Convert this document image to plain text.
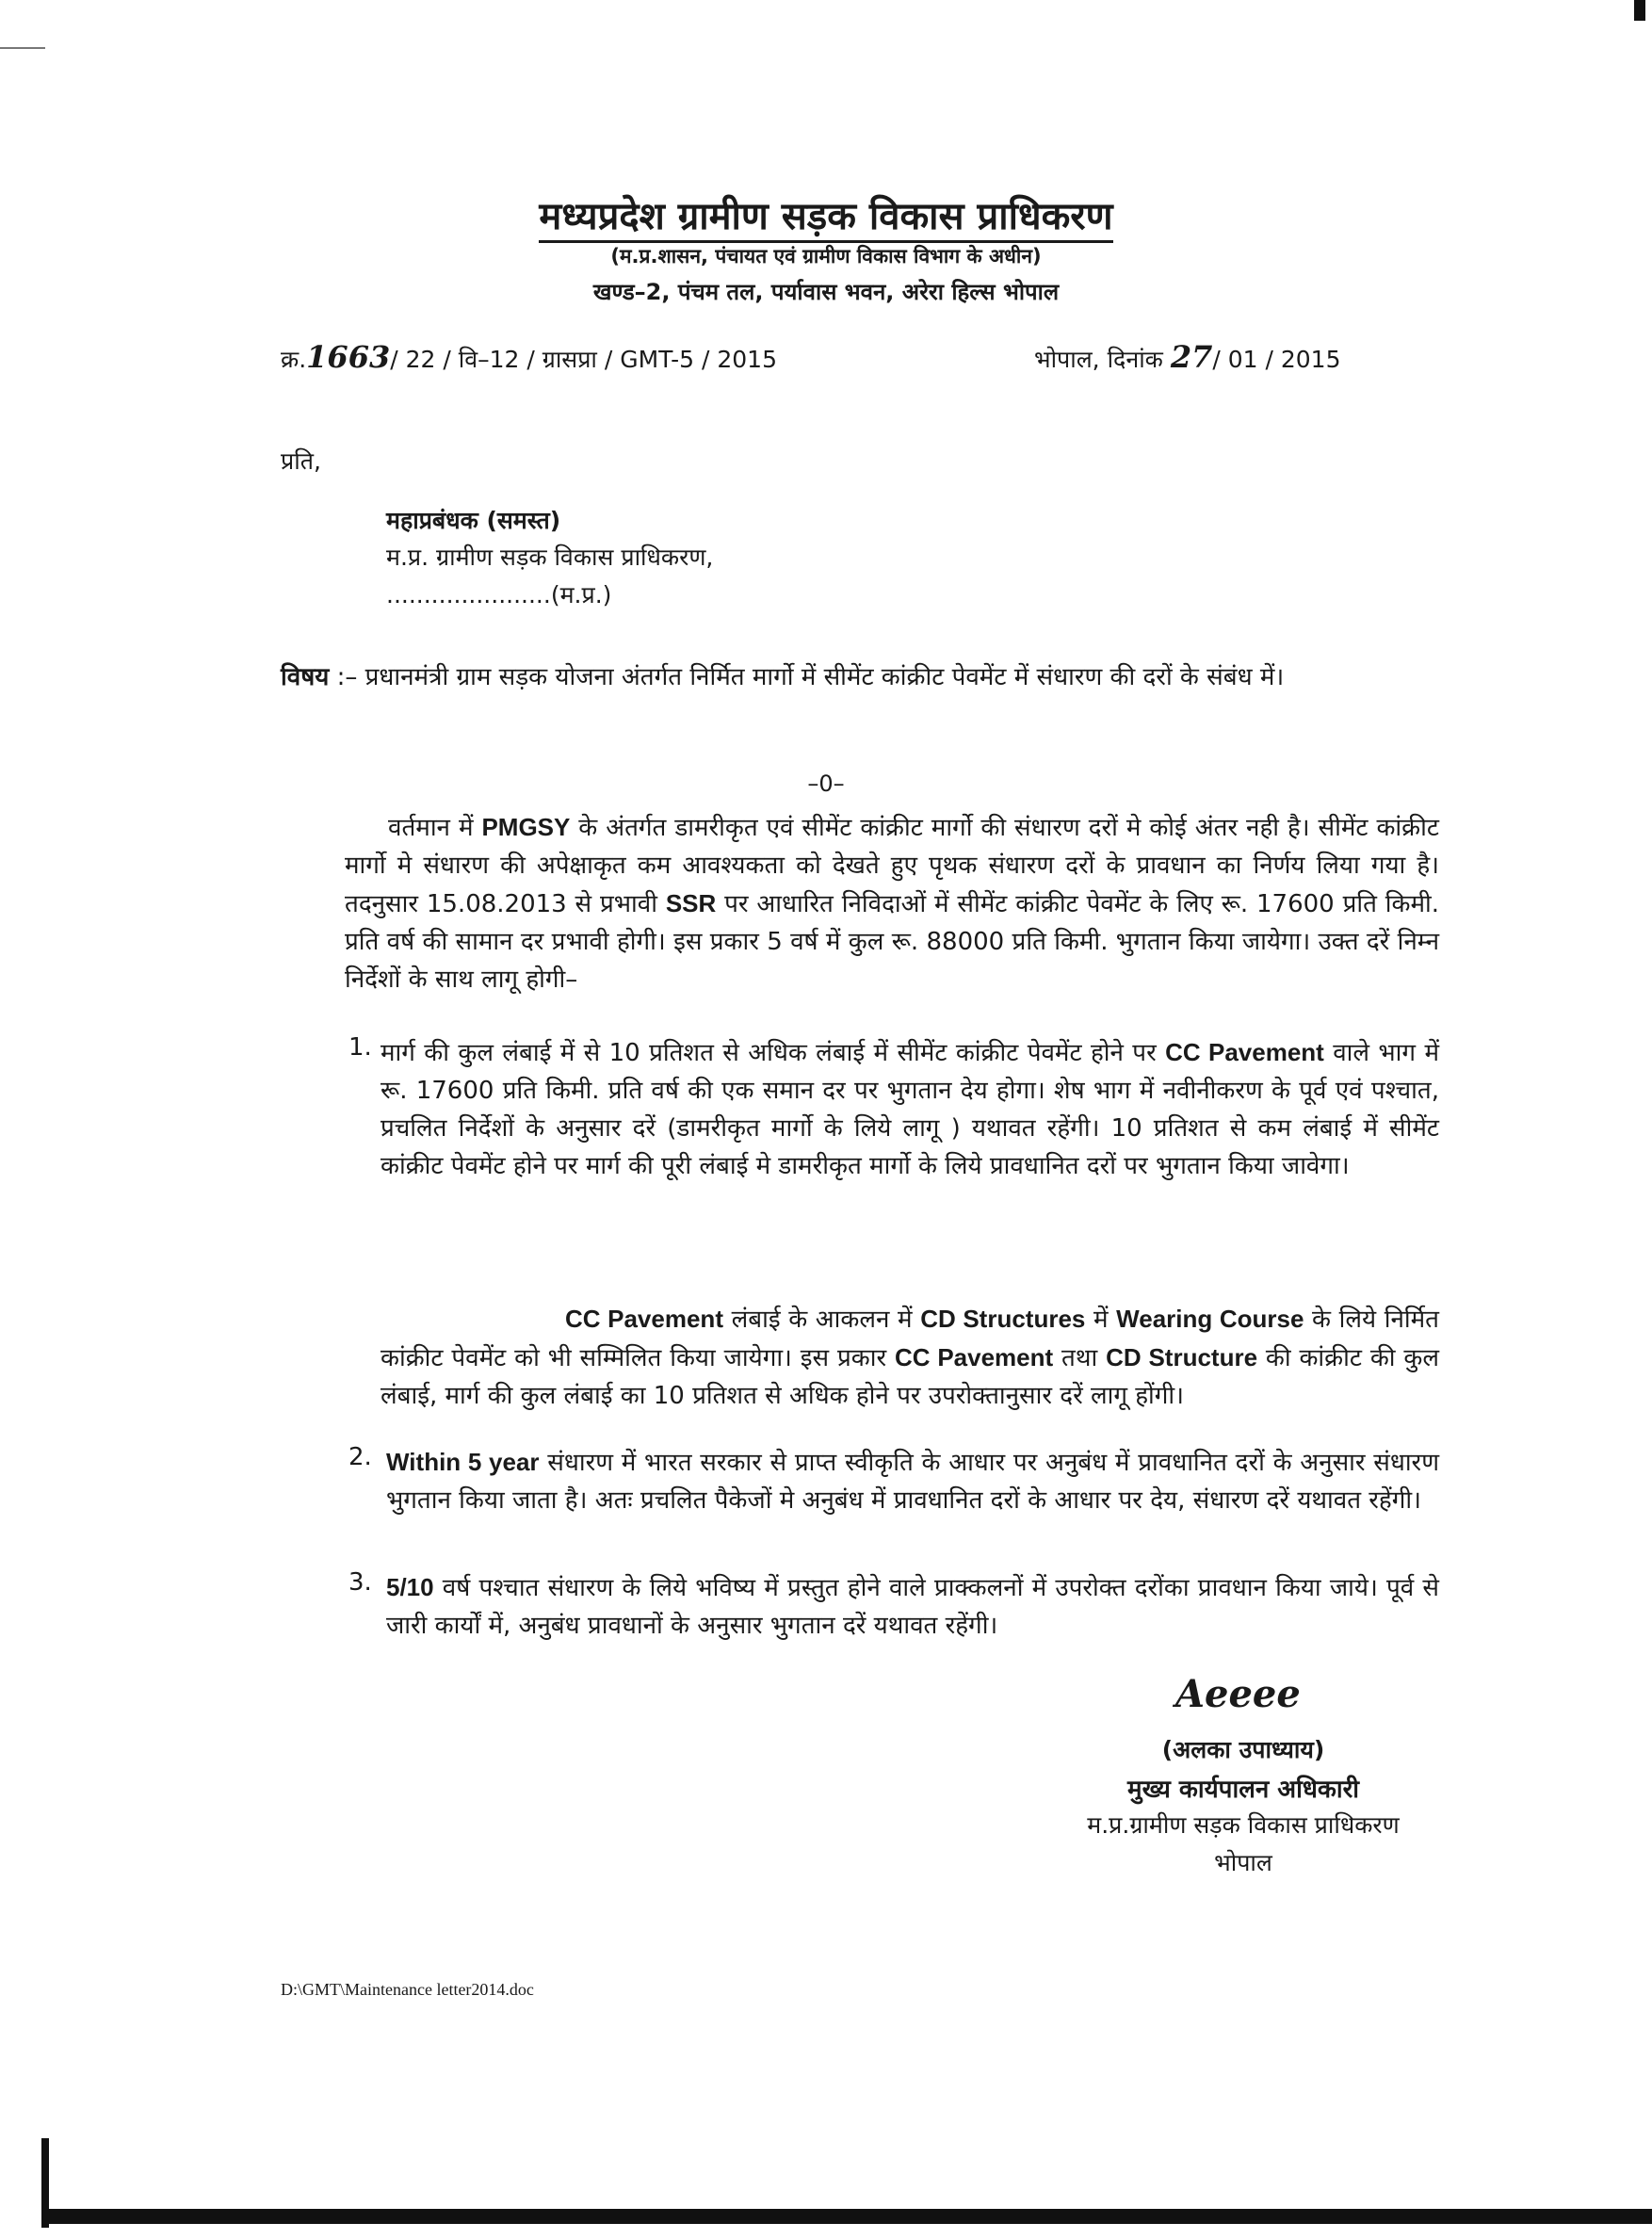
मध्यप्रदेश ग्रामीण सड़क विकास प्राधिकरण
(म.प्र.शासन, पंचायत एवं ग्रामीण विकास विभाग के अधीन)
खण्ड–2, पंचम तल, पर्यावास भवन, अरेरा हिल्स भोपाल
क्र.1663/ 22 / वि–12 / ग्रासप्रा / GMT-5 / 2015	भोपाल, दिनांक 27/ 01 / 2015
प्रति,
महाप्रबंधक (समस्त)
म.प्र. ग्रामीण सड़क विकास प्राधिकरण,
......................(म.प्र.)
विषय :– प्रधानमंत्री ग्राम सड़क योजना अंतर्गत निर्मित मार्गो में सीमेंट कांक्रीट पेवमेंट में संधारण की दरों के संबंध में।
–0–
वर्तमान में PMGSY के अंतर्गत डामरीकृत एवं सीमेंट कांक्रीट मार्गो की संधारण दरों मे कोई अंतर नही है। सीमेंट कांक्रीट मार्गो मे संधारण की अपेक्षाकृत कम आवश्यकता को देखते हुए पृथक संधारण दरों के प्रावधान का निर्णय लिया गया है। तदनुसार 15.08.2013 से प्रभावी SSR पर आधारित निविदाओं में सीमेंट कांक्रीट पेवमेंट के लिए रू. 17600 प्रति किमी. प्रति वर्ष की सामान दर प्रभावी होगी। इस प्रकार 5 वर्ष में कुल रू. 88000 प्रति किमी. भुगतान किया जायेगा। उक्त दरें निम्न निर्देशों के साथ लागू होगी–
1. मार्ग की कुल लंबाई में से 10 प्रतिशत से अधिक लंबाई में सीमेंट कांक्रीट पेवमेंट होने पर CC Pavement वाले भाग में रू. 17600 प्रति किमी. प्रति वर्ष की एक समान दर पर भुगतान देय होगा। शेष भाग में नवीनीकरण के पूर्व एवं पश्चात, प्रचलित निर्देशों के अनुसार दरें (डामरीकृत मार्गो के लिये लागू ) यथावत रहेंगी। 10 प्रतिशत से कम लंबाई में सीमेंट कांक्रीट पेवमेंट होने पर मार्ग की पूरी लंबाई मे डामरीकृत मार्गो के लिये प्रावधानित दरों पर भुगतान किया जावेगा।
CC Pavement लंबाई के आकलन में CD Structures में Wearing Course के लिये निर्मित कांक्रीट पेवमेंट को भी सम्मिलित किया जायेगा। इस प्रकार CC Pavement तथा CD Structure की कांक्रीट की कुल लंबाई, मार्ग की कुल लंबाई का 10 प्रतिशत से अधिक होने पर उपरोक्तानुसार दरें लागू होंगी।
2. Within 5 year संधारण में भारत सरकार से प्राप्त स्वीकृति के आधार पर अनुबंध में प्रावधानित दरों के अनुसार संधारण भुगतान किया जाता है। अतः प्रचलित पैकेजों मे अनुबंध में प्रावधानित दरों के आधार पर देय, संधारण दरें यथावत रहेंगी।
3. 5/10 वर्ष पश्चात संधारण के लिये भविष्य में प्रस्तुत होने वाले प्राक्कलनों में उपरोक्त दरोंका प्रावधान किया जाये। पूर्व से जारी कार्यों में, अनुबंध प्रावधानों के अनुसार भुगतान दरें यथावत रहेंगी।
Aeeee
(अलका उपाध्याय)
मुख्य कार्यपालन अधिकारी
म.प्र.ग्रामीण सड़क विकास प्राधिकरण
भोपाल
D:\GMT\Maintenance letter2014.doc
